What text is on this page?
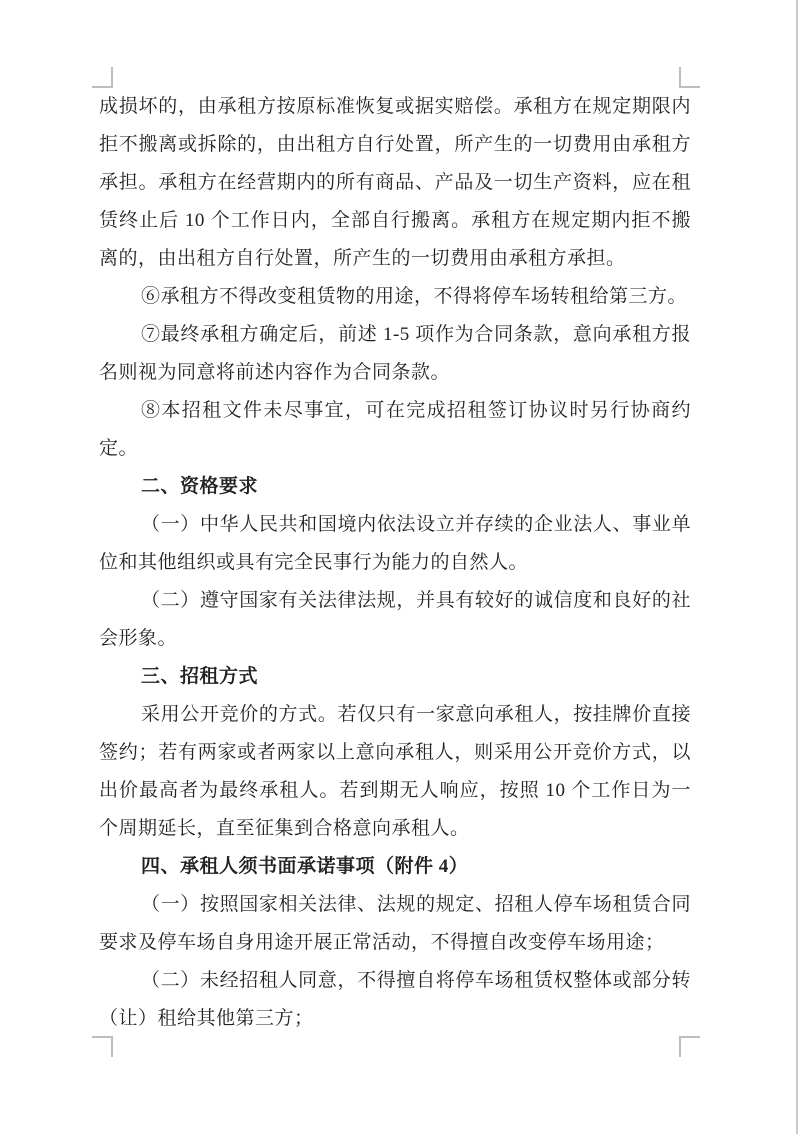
成损坏的，由承租方按原标准恢复或据实赔偿。承租方在规定期限内
拒不搬离或拆除的，由出租方自行处置，所产生的一切费用由承租方
承担。承租方在经营期内的所有商品、产品及一切生产资料，应在租
赁终止后 10 个工作日内，全部自行搬离。承租方在规定期内拒不搬
离的，由出租方自行处置，所产生的一切费用由承租方承担。
⑥承租方不得改变租赁物的用途，不得将停车场转租给第三方。
⑦最终承租方确定后，前述 1-5 项作为合同条款，意向承租方报
名则视为同意将前述内容作为合同条款。
⑧本招租文件未尽事宜，可在完成招租签订协议时另行协商约定。
二、资格要求
（一）中华人民共和国境内依法设立并存续的企业法人、事业单
位和其他组织或具有完全民事行为能力的自然人。
（二）遵守国家有关法律法规，并具有较好的诚信度和良好的社
会形象。
三、招租方式
采用公开竞价的方式。若仅只有一家意向承租人，按挂牌价直接
签约；若有两家或者两家以上意向承租人，则采用公开竞价方式，以
出价最高者为最终承租人。若到期无人响应，按照 10 个工作日为一
个周期延长，直至征集到合格意向承租人。
四、承租人须书面承诺事项（附件 4）
（一）按照国家相关法律、法规的规定、招租人停车场租赁合同
要求及停车场自身用途开展正常活动，不得擅自改变停车场用途；
（二）未经招租人同意，不得擅自将停车场租赁权整体或部分转
（让）租给其他第三方；
